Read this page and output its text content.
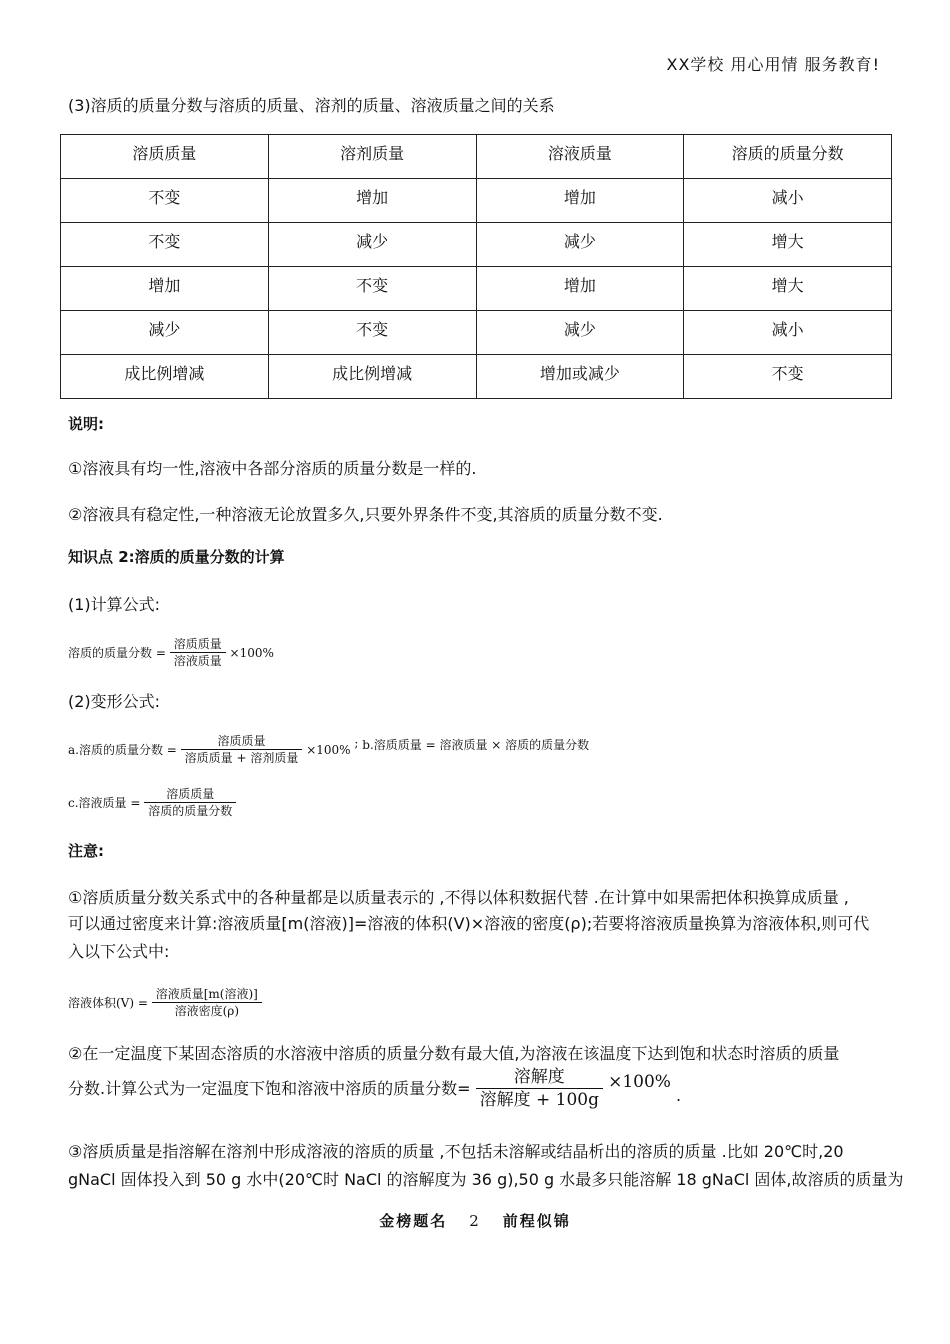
XX学校 用心用情 服务教育!
(3)溶质的质量分数与溶质的质量、溶剂的质量、溶液质量之间的关系
溶质质量	溶剂质量	溶液质量	溶质的质量分数
不变	增加	增加	减小
不变	减少	减少	增大
增加	不变	增加	增大
减少	不变	减少	减小
成比例增减	成比例增减	增加或减少	不变
说明:
①溶液具有均一性,溶液中各部分溶质的质量分数是一样的.
②溶液具有稳定性,一种溶液无论放置多久,只要外界条件不变,其溶质的质量分数不变.
知识点 2:溶质的质量分数的计算
(1)计算公式:
溶质的质量分数 = $\frac{\text{溶质质量}}{\text{溶液质量}} \times 100\%$
(2)变形公式:
a.溶质的质量分数 = $\frac{\text{溶质质量}}{\text{溶质质量 + 溶剂质量}} \times 100\%$ ; b.溶质质量 = 溶液质量 × 溶质的质量分数
c.溶液质量 = $\frac{\text{溶质质量}}{\text{溶质的质量分数}}$
注意:
①溶质质量分数关系式中的各种量都是以质量表示的 ,不得以体积数据代替 .在计算中如果需把体积换算成质量 ,
可以通过密度来计算:溶液质量[m(溶液)]=溶液的体积(V)×溶液的密度(ρ);若要将溶液质量换算为溶液体积,则可代
入以下公式中:
溶液体积$(V) = \frac{\text{溶液质量[m(溶液)]}}{\text{溶液密度(ρ)}}$
②在一定温度下某固态溶质的水溶液中溶质的质量分数有最大值,为溶液在该温度下达到饱和状态时溶质的质量
分数.计算公式为一定温度下饱和溶液中溶质的质量分数= $\frac{\text{溶解度}}{\text{溶解度 + 100g}} \times 100\%$ .
③溶质质量是指溶解在溶剂中形成溶液的溶质的质量 ,不包括未溶解或结晶析出的溶质的质量 .比如 20℃时,20
gNaCl 固体投入到 50 g 水中(20℃时 NaCl 的溶解度为 36 g),50 g 水最多只能溶解 18 gNaCl 固体,故溶质的质量为
金榜题名 2 前程似锦
